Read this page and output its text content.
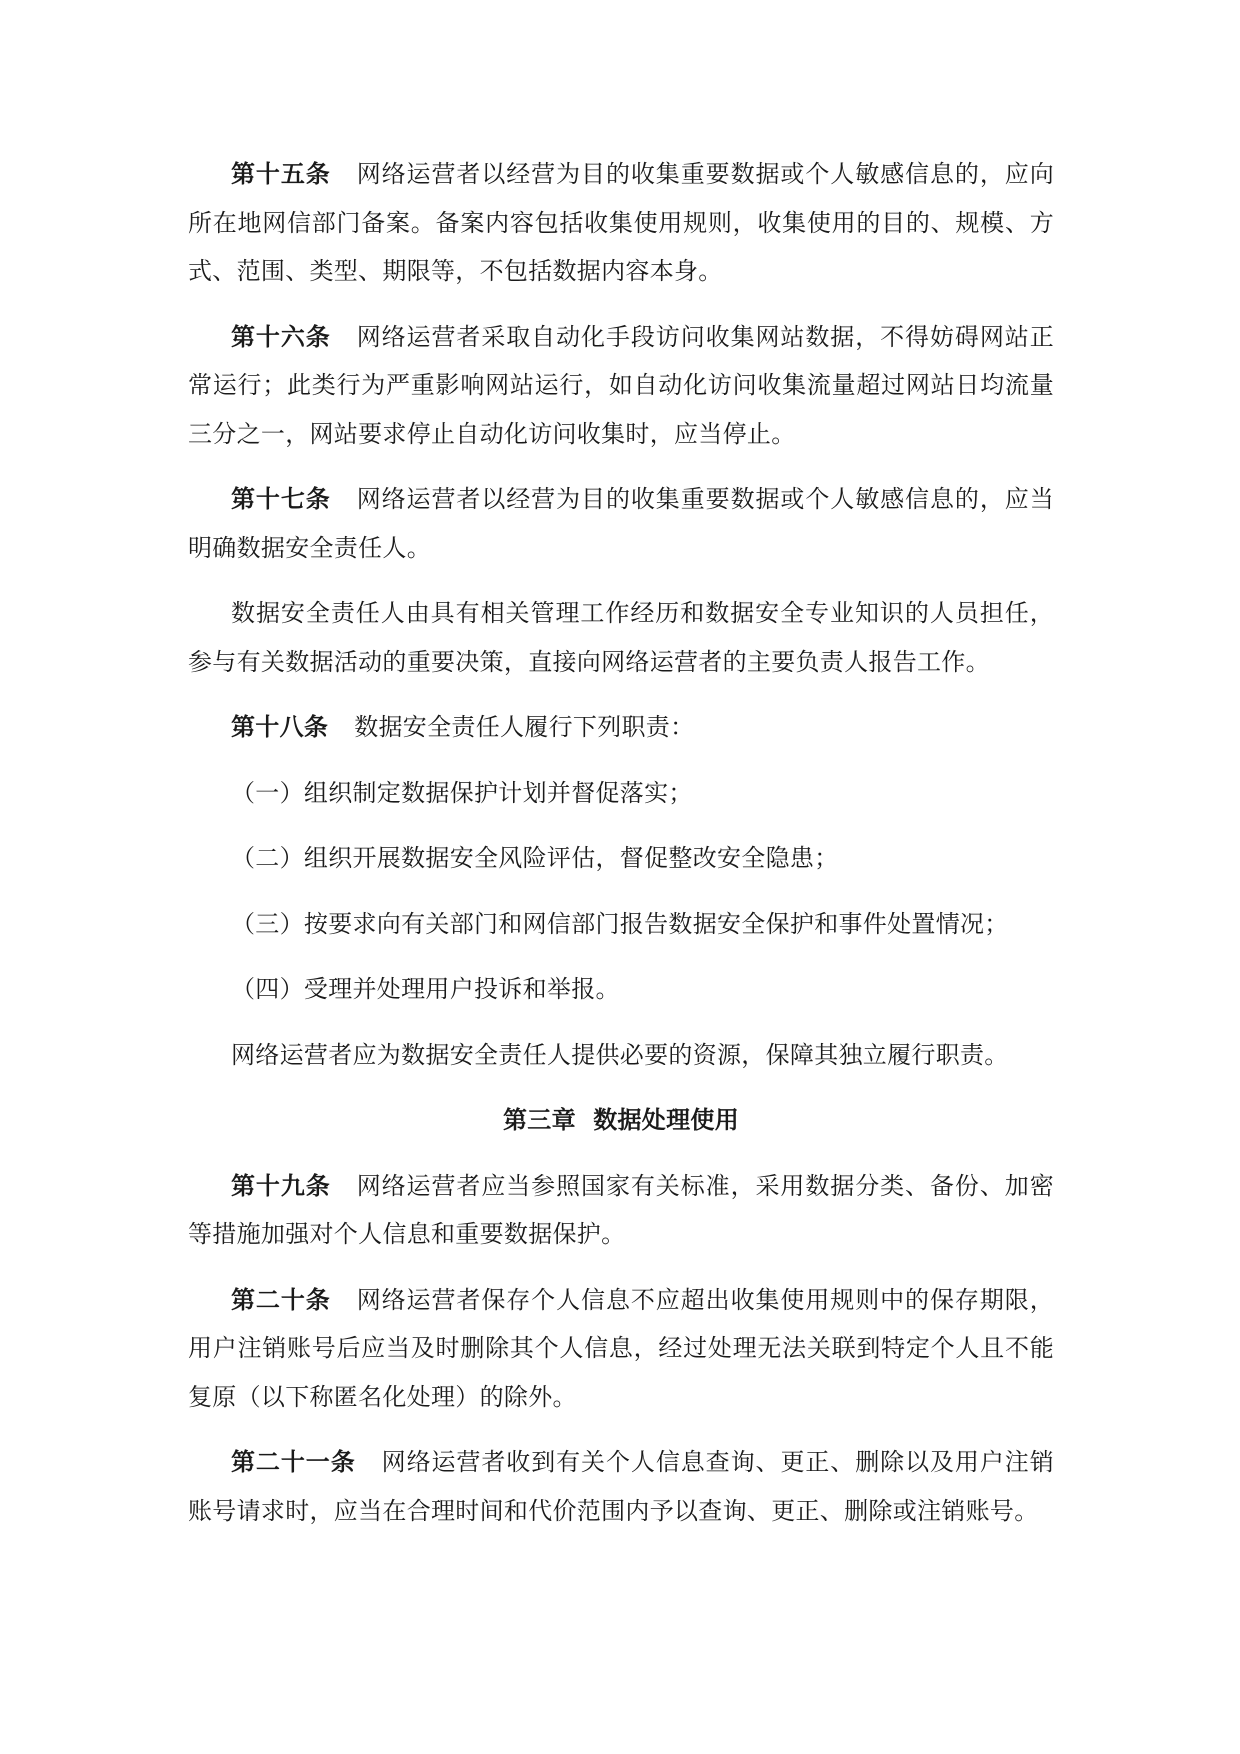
第十五条 网络运营者以经营为目的收集重要数据或个人敏感信息的，应向所在地网信部门备案。备案内容包括收集使用规则，收集使用的目的、规模、方式、范围、类型、期限等，不包括数据内容本身。

第十六条 网络运营者采取自动化手段访问收集网站数据，不得妨碍网站正常运行；此类行为严重影响网站运行，如自动化访问收集流量超过网站日均流量三分之一，网站要求停止自动化访问收集时，应当停止。

第十七条 网络运营者以经营为目的收集重要数据或个人敏感信息的，应当明确数据安全责任人。

数据安全责任人由具有相关管理工作经历和数据安全专业知识的人员担任，参与有关数据活动的重要决策，直接向网络运营者的主要负责人报告工作。

第十八条 数据安全责任人履行下列职责：

（一）组织制定数据保护计划并督促落实；

（二）组织开展数据安全风险评估，督促整改安全隐患；

（三）按要求向有关部门和网信部门报告数据安全保护和事件处置情况；

（四）受理并处理用户投诉和举报。

网络运营者应为数据安全责任人提供必要的资源，保障其独立履行职责。

第三章  数据处理使用

第十九条 网络运营者应当参照国家有关标准，采用数据分类、备份、加密等措施加强对个人信息和重要数据保护。

第二十条 网络运营者保存个人信息不应超出收集使用规则中的保存期限，用户注销账号后应当及时删除其个人信息，经过处理无法关联到特定个人且不能复原（以下称匿名化处理）的除外。

第二十一条 网络运营者收到有关个人信息查询、更正、删除以及用户注销账号请求时，应当在合理时间和代价范围内予以查询、更正、删除或注销账号。
